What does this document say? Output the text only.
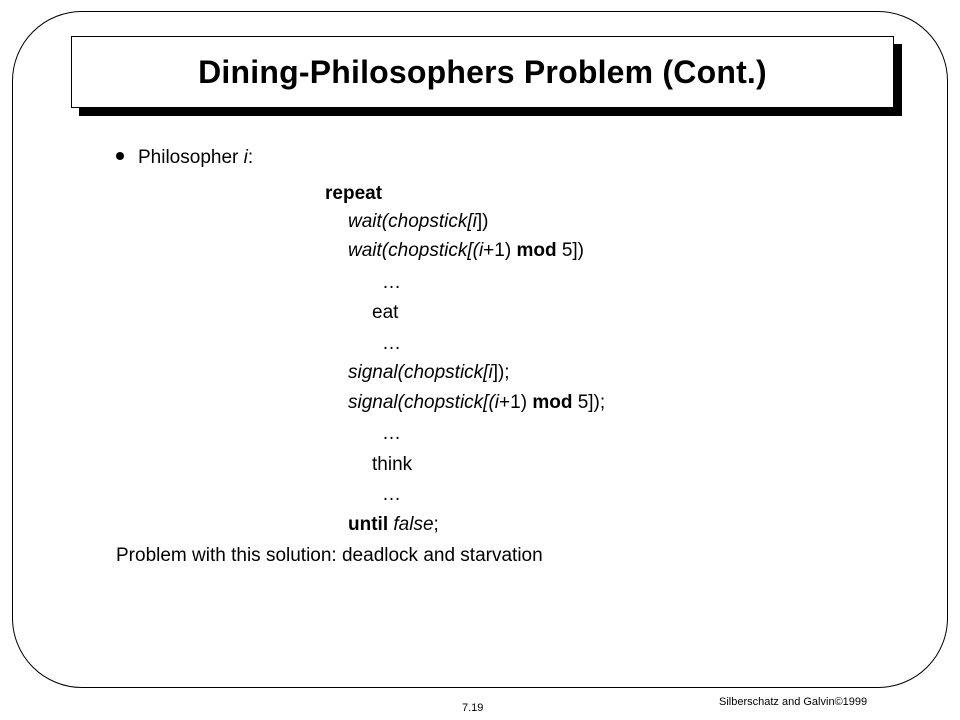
Dining-Philosophers Problem (Cont.)
Philosopher i:
repeat
wait(chopstick[i])
wait(chopstick[(i+1) mod 5])
…
eat
…
signal(chopstick[i]);
signal(chopstick[(i+1) mod 5]);
…
think
…
until false;
Problem with this solution: deadlock and starvation
7.19	Silberschatz and Galvin©1999
